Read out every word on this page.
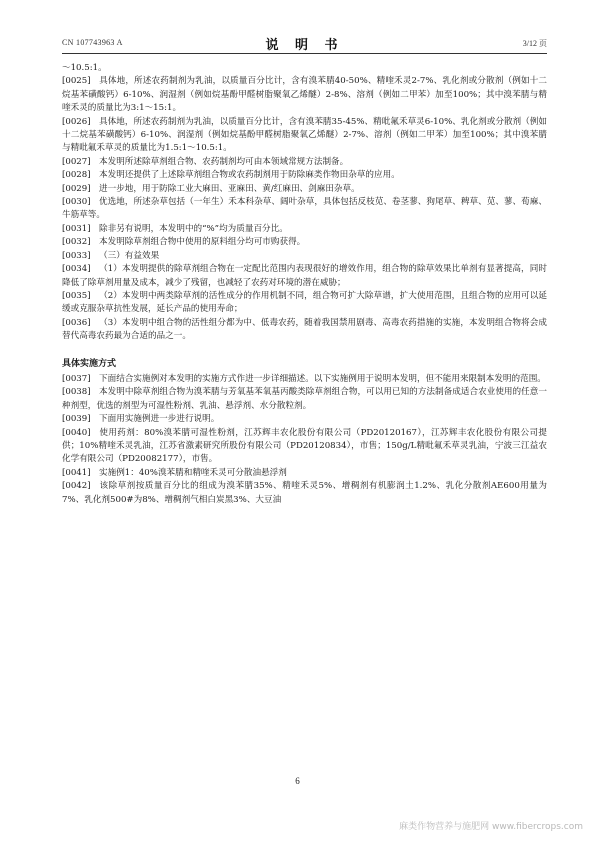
CN 107743963 A	说 明 书	3/12 页

～10.5:1。

[0025] 具体地，所述农药制剂为乳油，以质量百分比计，含有溴苯腈40-50%、精喹禾灵2-7%、乳化剂或分散剂（例如十二烷基苯磺酸钙）6-10%、润湿剂（例如烷基酚甲醛树脂聚氧乙烯醚）2-8%、溶剂（例如二甲苯）加至100%；其中溴苯腈与精喹禾灵的质量比为3:1～15:1。

[0026] 具体地，所述农药制剂为乳油，以质量百分比计，含有溴苯腈35-45%、精吡氟禾草灵6-10%、乳化剂或分散剂（例如十二烷基苯磺酸钙）6-10%、润湿剂（例如烷基酚甲醛树脂聚氧乙烯醚）2-7%、溶剂（例如二甲苯）加至100%；其中溴苯腈与精吡氟禾草灵的质量比为1.5:1～10.5:1。

[0027] 本发明所述除草剂组合物、农药制剂均可由本领域常规方法制备。

[0028] 本发明还提供了上述除草剂组合物或农药制剂用于防除麻类作物田杂草的应用。

[0029] 进一步地，用于防除工业大麻田、亚麻田、黄/红麻田、剑麻田杂草。

[0030] 优选地，所述杂草包括（一年生）禾本科杂草、阔叶杂草，具体包括反枝苋、卷茎蓼、狗尾草、稗草、苋、蓼、荀麻、牛筋草等。

[0031] 除非另有说明，本发明中的“%”均为质量百分比。

[0032] 本发明除草剂组合物中使用的原料组分均可市购获得。

[0033] （三）有益效果

[0034] （1）本发明提供的除草剂组合物在一定配比范围内表现很好的增效作用，组合物的除草效果比单剂有显著提高，同时降低了除草剂用量及成本，减少了残留，也减轻了农药对环境的潜在威胁；

[0035] （2）本发明中两类除草剂的活性成分的作用机制不同，组合物可扩大除草谱，扩大使用范围，且组合物的应用可以延缓或克服杂草抗性发展，延长产品的使用寿命；

[0036] （3）本发明中组合物的活性组分都为中、低毒农药，随着我国禁用剧毒、高毒农药措施的实施，本发明组合物将会成替代高毒农药最为合适的品之一。

具体实施方式

[0037] 下面结合实施例对本发明的实施方式作进一步详细描述。以下实施例用于说明本发明，但不能用来限制本发明的范围。

[0038] 本发明中除草剂组合物为溴苯腈与芳氧基苯氧基丙酸类除草剂组合物，可以用已知的方法制备成适合农业使用的任意一种剂型，优选的剂型为可湿性粉剂、乳油、悬浮剂、水分散粒剂。

[0039] 下面用实施例进一步进行说明。

[0040] 使用药剂：80%溴苯腈可湿性粉剂，江苏辉丰农化股份有限公司（PD20120167），江苏辉丰农化股份有限公司提供；10%精喹禾灵乳油，江苏省激素研究所股份有限公司（PD20120834），市售；150g/L精吡氟禾草灵乳油，宁波三江益农化学有限公司（PD20082177），市售。

[0041] 实施例1：40%溴苯腈和精喹禾灵可分散油悬浮剂

[0042] 该除草剂按质量百分比的组成为溴苯腈35%、精喹禾灵5%、增稠剂有机膨润土1.2%、乳化分散剂AE600用量为7%、乳化剂500#为8%、增稠剂气相白炭黑3%、大豆油

6
麻类作物营养与施肥网 www.fibercrops.com
